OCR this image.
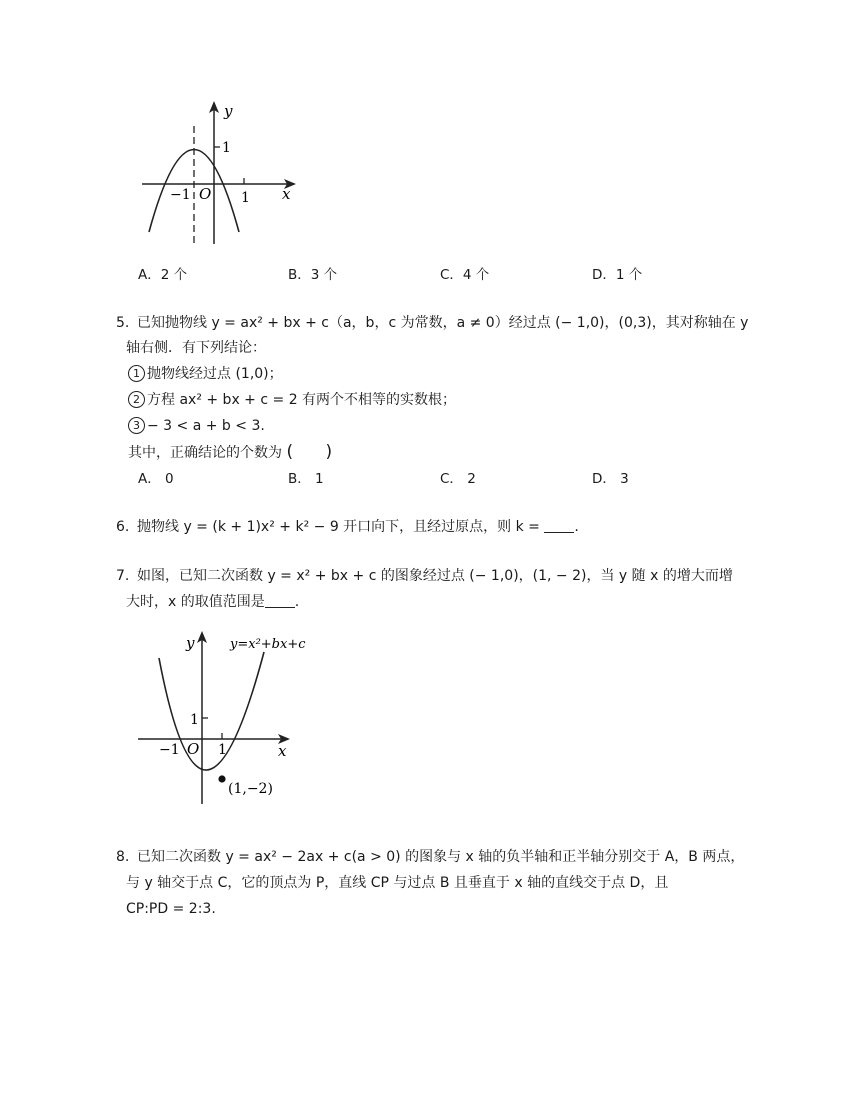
y
x
1
−1 O 1
A．2 个	B．3 个	C．4 个	D．1 个
5. 已知抛物线 y = ax² + bx + c（a，b，c 为常数，a ≠ 0）经过点 (− 1,0)，(0,3)，其对称轴在 y
轴右侧．有下列结论：
1 抛物线经过点 (1,0)；
2 方程 ax² + bx + c = 2 有两个不相等的实数根；
3 − 3 < a + b < 3.
其中，正确结论的个数为 (      )
A． 0	B． 1	C． 2	D． 3
6. 抛物线 y = (k + 1)x² + k² − 9 开口向下，且经过原点，则 k = .
7. 如图，已知二次函数 y = x² + bx + c 的图象经过点 (− 1,0)，(1, − 2)，当 y 随 x 的增大而增
大时，x 的取值范围是 .
y	y=x²+bx+c
1
−1 O 1	x
(1,−2)
8. 已知二次函数 y = ax² − 2ax + c(a > 0) 的图象与 x 轴的负半轴和正半轴分别交于 A，B 两点，
与 y 轴交于点 C，它的顶点为 P，直线 CP 与过点 B 且垂直于 x 轴的直线交于点 D，且
CP:PD = 2:3.
